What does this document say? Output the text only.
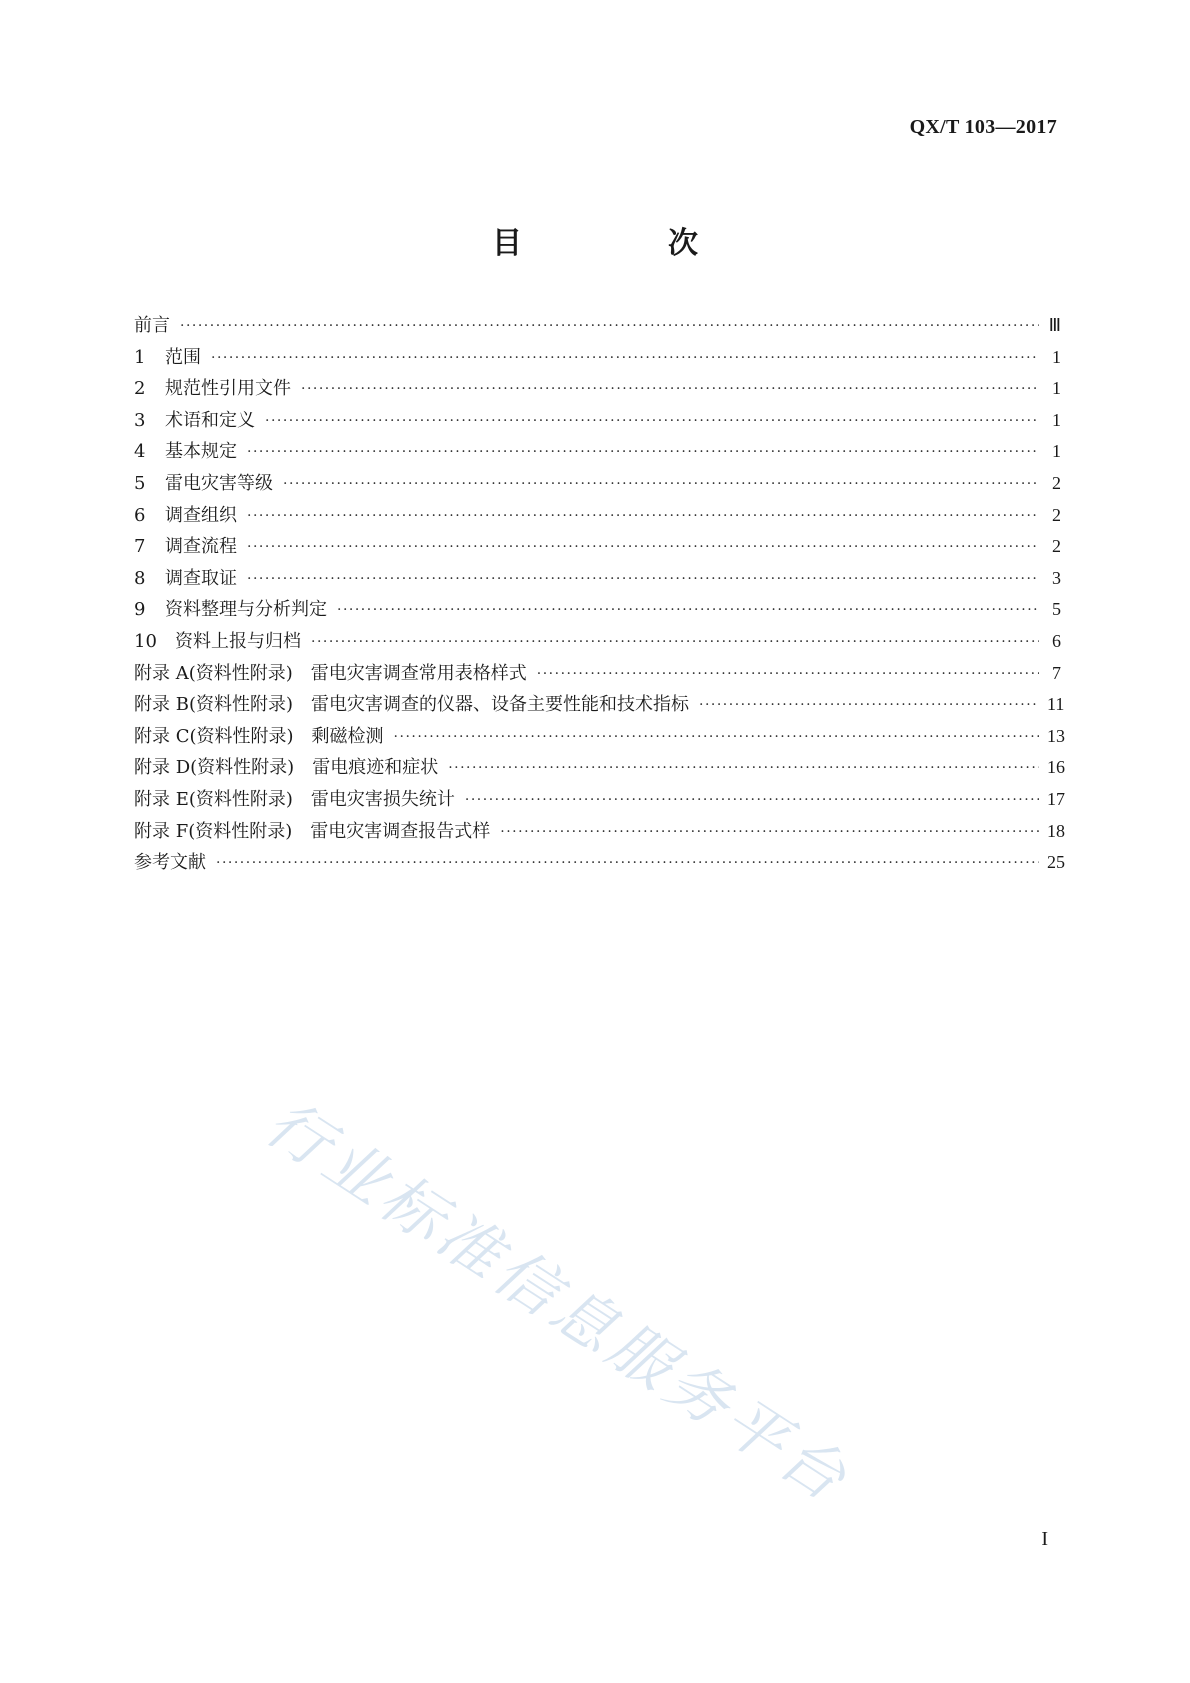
QX/T 103—2017
目　次
前言 ·····	Ⅲ
1	范围 ·····	1
2	规范性引用文件 ·····	1
3	术语和定义 ·····	1
4	基本规定 ·····	1
5	雷电灾害等级 ·····	2
6	调查组织 ·····	2
7	调查流程 ·····	2
8	调查取证 ·····	3
9	资料整理与分析判定 ·····	5
10	资料上报与归档 ·····	6
附录 A(资料性附录)　雷电灾害调查常用表格样式 ·····	7
附录 B(资料性附录)　雷电灾害调查的仪器、设备主要性能和技术指标 ·····	11
附录 C(资料性附录)　剩磁检测 ·····	13
附录 D(资料性附录)　雷电痕迹和症状 ·····	16
附录 E(资料性附录)　雷电灾害损失统计 ·····	17
附录 F(资料性附录)　雷电灾害调查报告式样 ·····	18
参考文献 ·····	25
行业标准信息服务平台
I
